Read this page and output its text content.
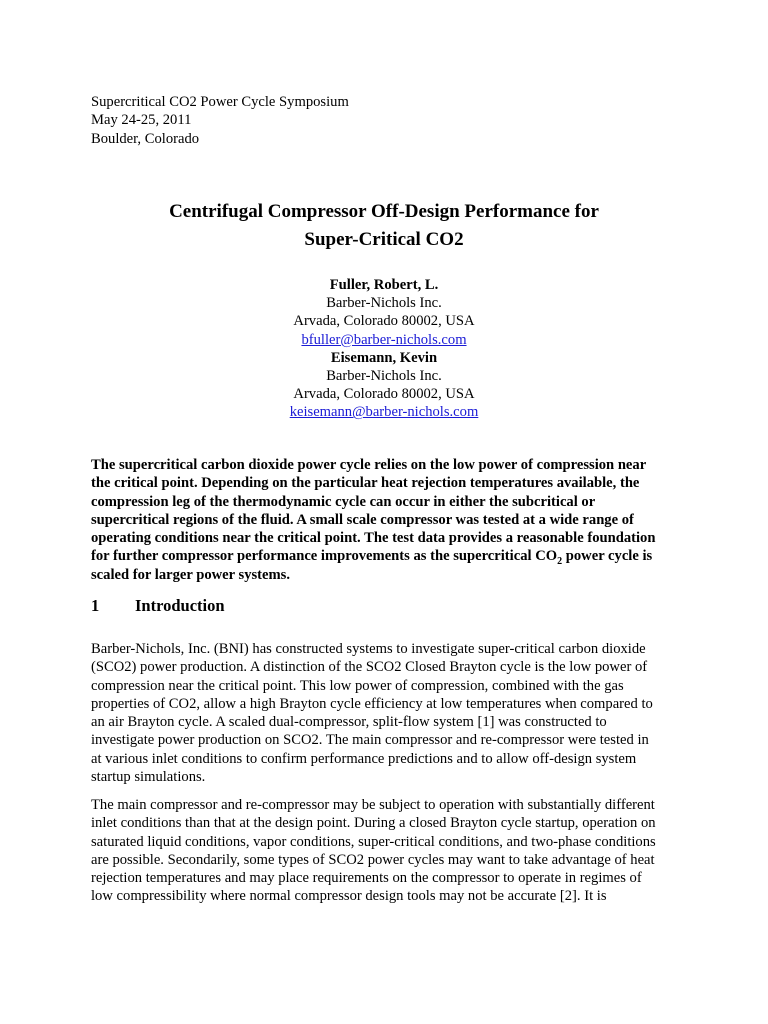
Supercritical CO2 Power Cycle Symposium
May 24-25, 2011
Boulder, Colorado
Centrifugal Compressor Off-Design Performance for
Super-Critical CO2
Fuller, Robert, L.
Barber-Nichols Inc.
Arvada, Colorado 80002, USA
bfuller@barber-nichols.com
Eisemann, Kevin
Barber-Nichols Inc.
Arvada, Colorado 80002, USA
keisemann@barber-nichols.com
The supercritical carbon dioxide power cycle relies on the low power of compression near
the critical point. Depending on the particular heat rejection temperatures available, the
compression leg of the thermodynamic cycle can occur in either the subcritical or
supercritical regions of the fluid. A small scale compressor was tested at a wide range of
operating conditions near the critical point. The test data provides a reasonable foundation
for further compressor performance improvements as the supercritical $CO_2$ power cycle is
scaled for larger power systems.
1 Introduction
Barber-Nichols, Inc. (BNI) has constructed systems to investigate super-critical carbon dioxide
(SCO2) power production. A distinction of the SCO2 Closed Brayton cycle is the low power of
compression near the critical point. This low power of compression, combined with the gas
properties of CO2, allow a high Brayton cycle efficiency at low temperatures when compared to
an air Brayton cycle. A scaled dual-compressor, split-flow system [1] was constructed to
investigate power production on SCO2. The main compressor and re-compressor were tested in
at various inlet conditions to confirm performance predictions and to allow off-design system
startup simulations.
The main compressor and re-compressor may be subject to operation with substantially different
inlet conditions than that at the design point. During a closed Brayton cycle startup, operation on
saturated liquid conditions, vapor conditions, super-critical conditions, and two-phase conditions
are possible. Secondarily, some types of SCO2 power cycles may want to take advantage of heat
rejection temperatures and may place requirements on the compressor to operate in regimes of
low compressibility where normal compressor design tools may not be accurate [2]. It is
